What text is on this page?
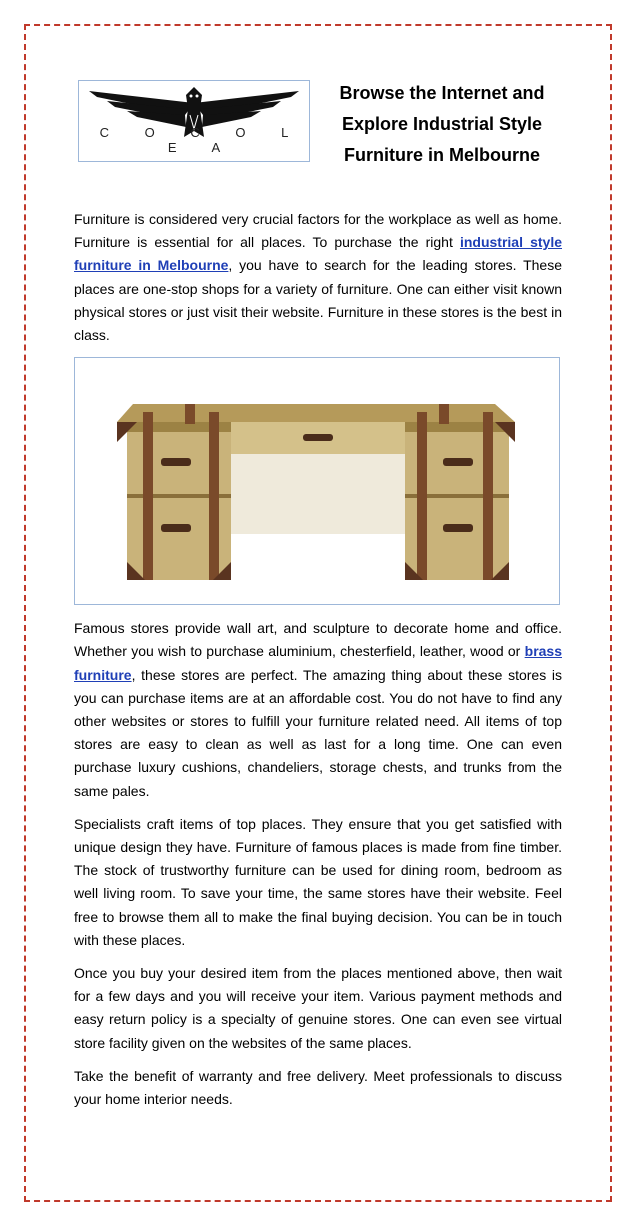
C O C O L E A
Browse the Internet and
Explore Industrial Style
Furniture in Melbourne

Furniture is considered very crucial factors for the workplace as well as home. Furniture is essential for all places. To purchase the right industrial style furniture in Melbourne, you have to search for the leading stores. These places are one-stop shops for a variety of furniture. One can either visit known physical stores or just visit their website. Furniture in these stores is the best in class.

Famous stores provide wall art, and sculpture to decorate home and office. Whether you wish to purchase aluminium, chesterfield, leather, wood or brass furniture, these stores are perfect. The amazing thing about these stores is you can purchase items are at an affordable cost. You do not have to find any other websites or stores to fulfill your furniture related need. All items of top stores are easy to clean as well as last for a long time. One can even purchase luxury cushions, chandeliers, storage chests, and trunks from the same pales.

Specialists craft items of top places. They ensure that you get satisfied with unique design they have. Furniture of famous places is made from fine timber. The stock of trustworthy furniture can be used for dining room, bedroom as well living room. To save your time, the same stores have their website. Feel free to browse them all to make the final buying decision. You can be in touch with these places.

Once you buy your desired item from the places mentioned above, then wait for a few days and you will receive your item. Various payment methods and easy return policy is a specialty of genuine stores. One can even see virtual store facility given on the websites of the same places.

Take the benefit of warranty and free delivery. Meet professionals to discuss your home interior needs.
